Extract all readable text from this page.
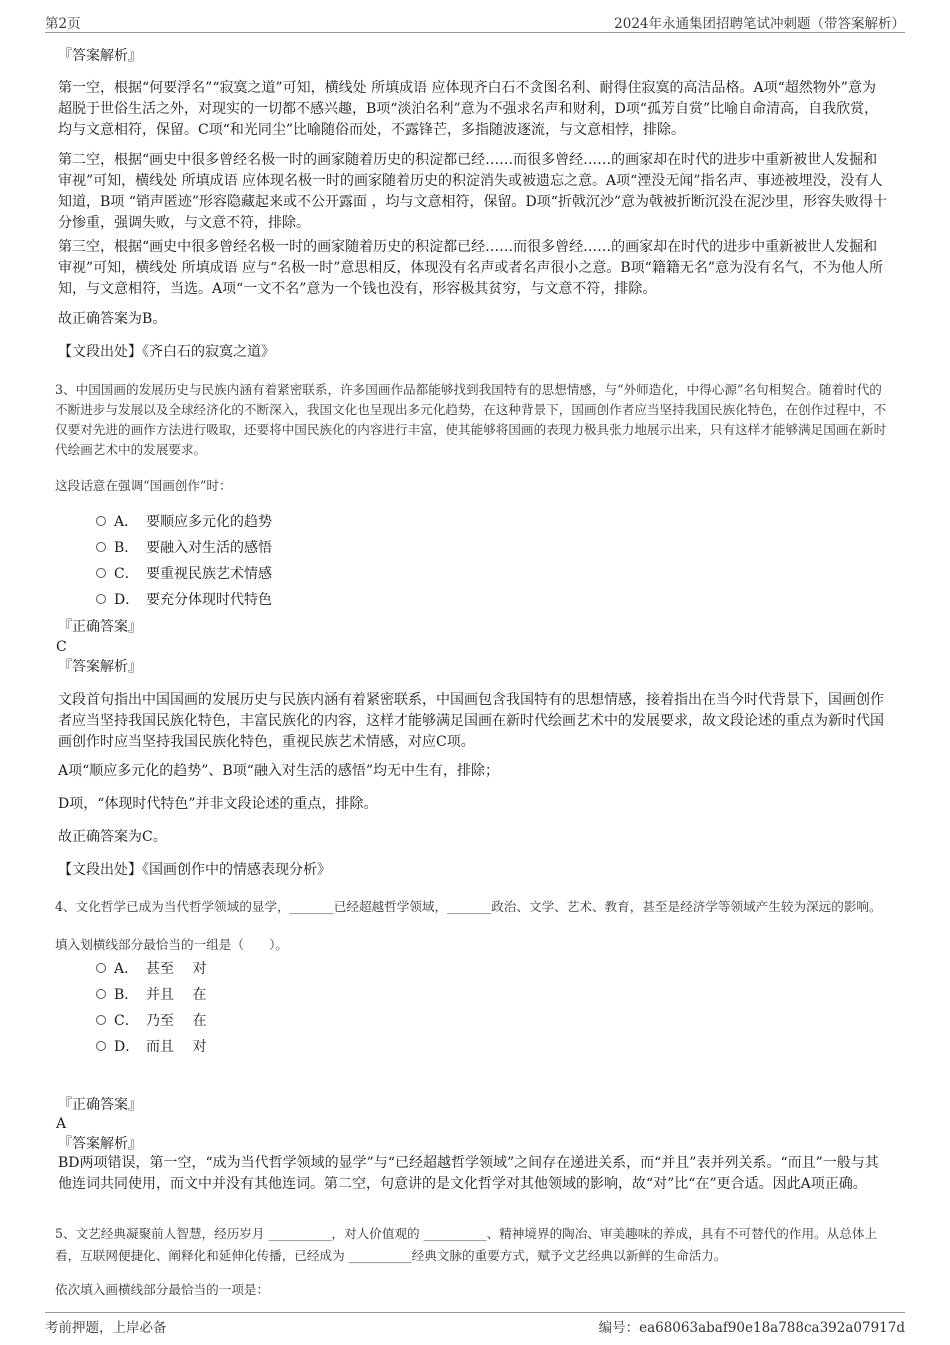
第2页	2024年永通集团招聘笔试冲刺题（带答案解析）
『答案解析』
第一空，根据“何要浮名”“寂寞之道”可知，横线处 所填成语 应体现齐白石不贪图名利、耐得住寂寞的高洁品格。A项“超然物外”意为超脱于世俗生活之外，对现实的一切都不感兴趣，B项“淡泊名利”意为不强求名声和财利，D项“孤芳自赏”比喻自命清高，自我欣赏，均与文意相符，保留。C项“和光同尘”比喻随俗而处，不露锋芒，多指随波逐流，与文意相悖，排除。
第二空，根据“画史中很多曾经名极一时的画家随着历史的积淀都已经……而很多曾经……的画家却在时代的进步中重新被世人发掘和审视”可知，横线处 所填成语 应体现名极一时的画家随着历史的积淀消失或被遗忘之意。A项“湮没无闻”指名声、事迹被埋没，没有人知道，B项 “销声匿迹”形容隐藏起来或不公开露面 ，均与文意相符，保留。D项“折戟沉沙”意为戟被折断沉没在泥沙里，形容失败得十分惨重，强调失败，与文意不符，排除。
第三空，根据“画史中很多曾经名极一时的画家随着历史的积淀都已经……而很多曾经……的画家却在时代的进步中重新被世人发掘和审视”可知，横线处 所填成语 应与“名极一时”意思相反，体现没有名声或者名声很小之意。B项“籍籍无名”意为没有名气，不为他人所知，与文意相符，当选。A项“一文不名”意为一个钱也没有，形容极其贫穷，与文意不符，排除。
故正确答案为B。
【文段出处】《齐白石的寂寞之道》
3、中国国画的发展历史与民族内涵有着紧密联系，许多国画作品都能够找到我国特有的思想情感，与“外师造化，中得心源”名句相契合。随着时代的不断进步与发展以及全球经济化的不断深入，我国文化也呈现出多元化趋势，在这种背景下，国画创作者应当坚持我国民族化特色，在创作过程中，不仅要对先进的画作方法进行吸取，还要将中国民族化的内容进行丰富，使其能够将国画的表现力极具张力地展示出来，只有这样才能够满足国画在新时代绘画艺术中的发展要求。
这段话意在强调“国画创作”时：
A． 要顺应多元化的趋势
B． 要融入对生活的感悟
C． 要重视民族艺术情感
D． 要充分体现时代特色
『正确答案』
C
『答案解析』
文段首句指出中国国画的发展历史与民族内涵有着紧密联系，中国画包含我国特有的思想情感，接着指出在当今时代背景下，国画创作者应当坚持我国民族化特色，丰富民族化的内容，这样才能够满足国画在新时代绘画艺术中的发展要求，故文段论述的重点为新时代国画创作时应当坚持我国民族化特色，重视民族艺术情感，对应C项。
A项“顺应多元化的趋势”、B项“融入对生活的感悟”均无中生有，排除；
D项，“体现时代特色”并非文段论述的重点，排除。
故正确答案为C。
【文段出处】《国画创作中的情感表现分析》
4、文化哲学已成为当代哲学领域的显学，_______已经超越哲学领域，_______政治、文学、艺术、教育，甚至是经济学等领域产生较为深远的影响。
填入划横线部分最恰当的一组是（　　）。
A． 甚至　 对
B． 并且　 在
C． 乃至　 在
D． 而且　 对
『正确答案』
A
『答案解析』
BD两项错误，第一空，“成为当代哲学领域的显学”与“已经超越哲学领域”之间存在递进关系，而“并且”表并列关系。“而且”一般与其他连词共同使用，而文中并没有其他连词。第二空，句意讲的是文化哲学对其他领域的影响，故“对”比“在”更合适。因此A项正确。
5、文艺经典凝聚前人智慧，经历岁月 __________，对人价值观的 __________、精神境界的陶冶、审美趣味的养成，具有不可替代的作用。从总体上看，互联网便捷化、阐释化和延伸化传播，已经成为 __________经典文脉的重要方式，赋予文艺经典以新鲜的生命活力。
依次填入画横线部分最恰当的一项是：
考前押题，上岸必备	编号：ea68063abaf90e18a788ca392a07917d
